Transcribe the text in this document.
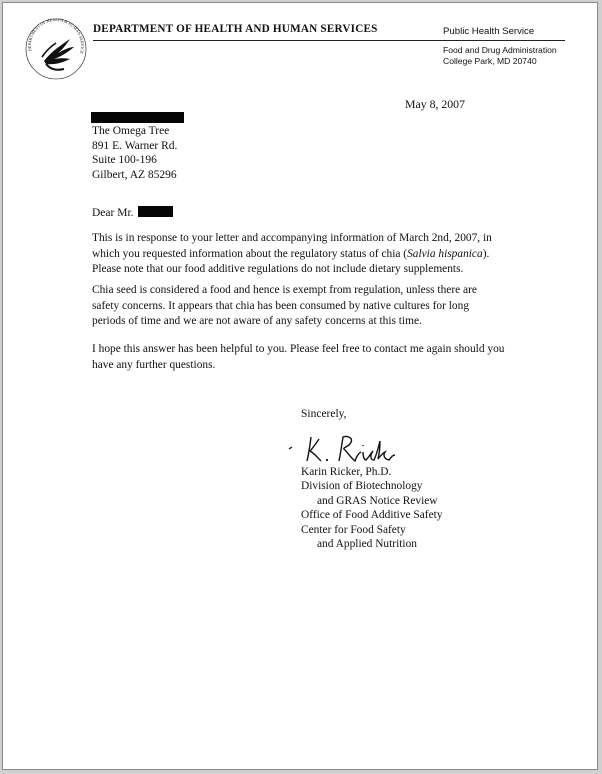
DEPARTMENT OF HEALTH & HUMAN SERVICE
DEPARTMENT OF HEALTH AND HUMAN SERVICES	Public Health Service
Food and Drug Administration
College Park, MD 20740
May 8, 2007
The Omega Tree
891 E. Warner Rd.
Suite 100-196
Gilbert, AZ 85296
Dear Mr.
This is in response to your letter and accompanying information of March 2nd, 2007, in
which you requested information about the regulatory status of chia (Salvia hispanica).
Please note that our food additive regulations do not include dietary supplements.
Chia seed is considered a food and hence is exempt from regulation, unless there are
safety concerns. It appears that chia has been consumed by native cultures for long
periods of time and we are not aware of any safety concerns at this time.
I hope this answer has been helpful to you. Please feel free to contact me again should you
have any further questions.
Sincerely,
Karin Ricker, Ph.D.
Division of Biotechnology
and GRAS Notice Review
Office of Food Additive Safety
Center for Food Safety
and Applied Nutrition
